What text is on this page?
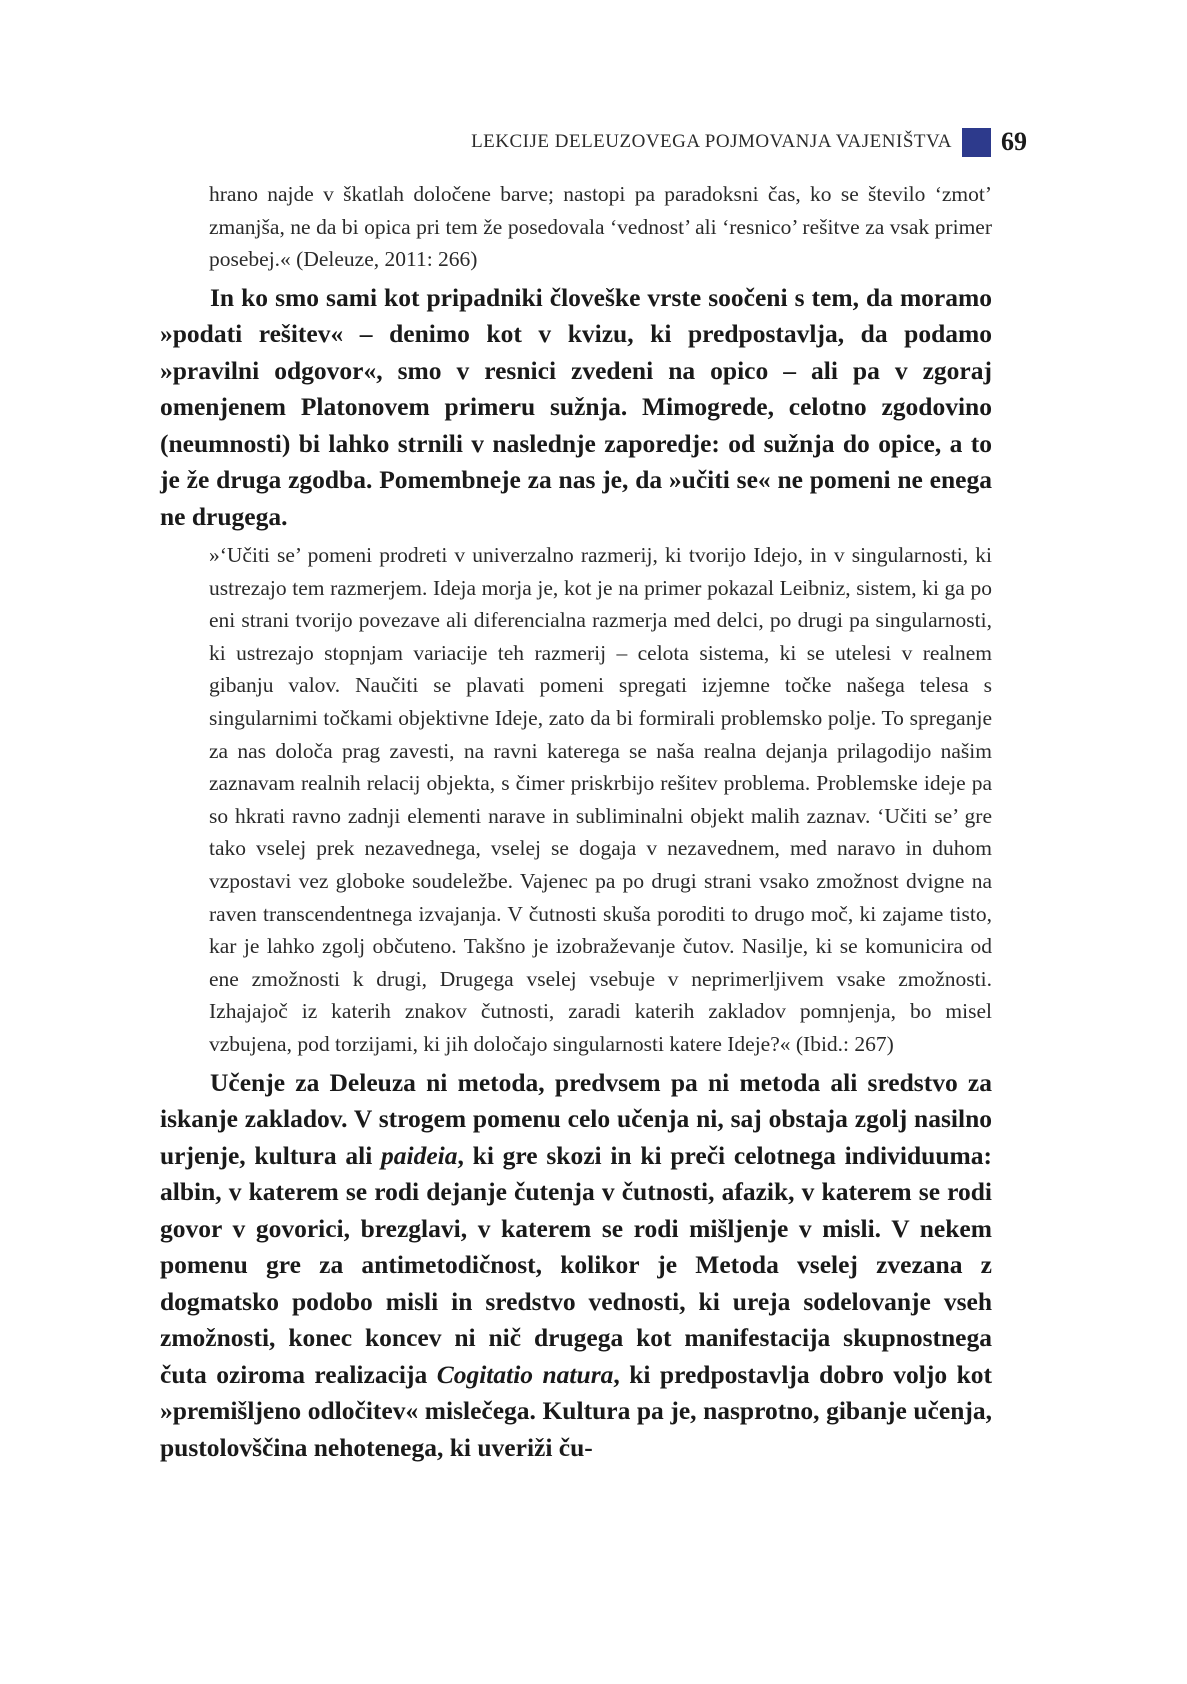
LEKCIJE DELEUZOVEGA POJMOVANJA VAJENIŠTVA 69

hrano najde v škatlah določene barve; nastopi pa paradoksni čas, ko se število ‘zmot’ zmanjša, ne da bi opica pri tem že posedovala ‘vednost’ ali ‘resnico’ rešitve za vsak primer posebej.« (Deleuze, 2011: 266)

In ko smo sami kot pripadniki človeške vrste soočeni s tem, da moramo »podati rešitev« – denimo kot v kvizu, ki predpostavlja, da podamo »pravilni odgovor«, smo v resnici zvedeni na opico – ali pa v zgoraj omenjenem Platonovem primeru sužnja. Mimogrede, celotno zgodovino (neumnosti) bi lahko strnili v naslednje zaporedje: od sužnja do opice, a to je že druga zgodba. Pomembneje za nas je, da »učiti se« ne pomeni ne enega ne drugega.

»‘Učiti se’ pomeni prodreti v univerzalno razmerij, ki tvorijo Idejo, in v singularnosti, ki ustrezajo tem razmerjem. Ideja morja je, kot je na primer pokazal Leibniz, sistem, ki ga po eni strani tvorijo povezave ali diferencialna razmerja med delci, po drugi pa singularnosti, ki ustrezajo stopnjam variacije teh razmerij – celota sistema, ki se utelesi v realnem gibanju valov. Naučiti se plavati pomeni spregati izjemne točke našega telesa s singularnimi točkami objektivne Ideje, zato da bi formirali problemsko polje. To spreganje za nas določa prag zavesti, na ravni katerega se naša realna dejanja prilagodijo našim zaznavam realnih relacij objekta, s čimer priskrbijo rešitev problema. Problemske ideje pa so hkrati ravno zadnji elementi narave in subliminalni objekt malih zaznav. ‘Učiti se’ gre tako vselej prek nezavednega, vselej se dogaja v nezavednem, med naravo in duhom vzpostavi vez globoke soudeležbe. Vajenec pa po drugi strani vsako zmožnost dvigne na raven transcendentnega izvajanja. V čutnosti skuša poroditi to drugo moč, ki zajame tisto, kar je lahko zgolj občuteno. Takšno je izobraževanje čutov. Nasilje, ki se komunicira od ene zmožnosti k drugi, Drugega vselej vsebuje v neprimerljivem vsake zmožnosti. Izhajajoč iz katerih znakov čutnosti, zaradi katerih zakladov pomnjenja, bo misel vzbujena, pod torzijami, ki jih določajo singularnosti katere Ideje?« (Ibid.: 267)

Učenje za Deleuza ni metoda, predvsem pa ni metoda ali sredstvo za iskanje zakladov. V strogem pomenu celo učenja ni, saj obstaja zgolj nasilno urjenje, kultura ali paideia, ki gre skozi in ki preči celotnega individuuma: albin, v katerem se rodi dejanje čutenja v čutnosti, afazik, v katerem se rodi govor v govorici, brezglavi, v katerem se rodi mišljenje v misli. V nekem pomenu gre za antimetodičnost, kolikor je Metoda vselej zvezana z dogmatsko podobo misli in sredstvo vednosti, ki ureja sodelovanje vseh zmožnosti, konec koncev ni nič drugega kot manifestacija skupnostnega čuta oziroma realizacija Cogitatio natura, ki predpostavlja dobro voljo kot »premišljeno odločitev« mislečega. Kultura pa je, nasprotno, gibanje učenja, pustolovščina nehotenega, ki uveriži ču-
